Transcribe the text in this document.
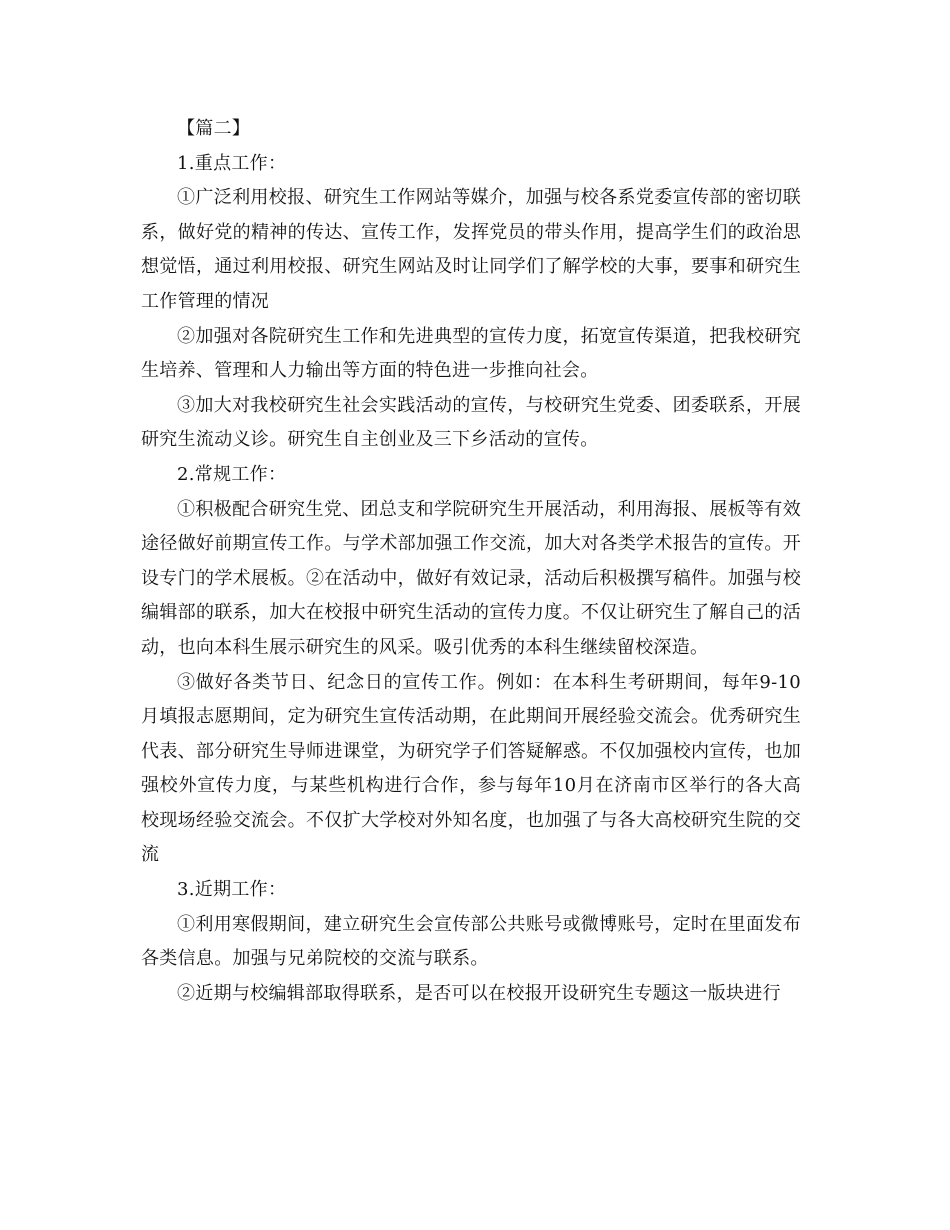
【篇二】

1.重点工作：

①广泛利用校报、研究生工作网站等媒介，加强与校各系党委宣传部的密切联系，做好党的精神的传达、宣传工作，发挥党员的带头作用，提高学生们的政治思想觉悟，通过利用校报、研究生网站及时让同学们了解学校的大事，要事和研究生工作管理的情况

②加强对各院研究生工作和先进典型的宣传力度，拓宽宣传渠道，把我校研究生培养、管理和人力输出等方面的特色进一步推向社会。

③加大对我校研究生社会实践活动的宣传，与校研究生党委、团委联系，开展研究生流动义诊。研究生自主创业及三下乡活动的宣传。

2.常规工作：

①积极配合研究生党、团总支和学院研究生开展活动，利用海报、展板等有效途径做好前期宣传工作。与学术部加强工作交流，加大对各类学术报告的宣传。开设专门的学术展板。②在活动中，做好有效记录，活动后积极撰写稿件。加强与校编辑部的联系，加大在校报中研究生活动的宣传力度。不仅让研究生了解自己的活动，也向本科生展示研究生的风采。吸引优秀的本科生继续留校深造。

③做好各类节日、纪念日的宣传工作。例如：在本科生考研期间，每年9-10月填报志愿期间，定为研究生宣传活动期，在此期间开展经验交流会。优秀研究生代表、部分研究生导师进课堂，为研究学子们答疑解惑。不仅加强校内宣传，也加强校外宣传力度，与某些机构进行合作，参与每年10月在济南市区举行的各大高校现场经验交流会。不仅扩大学校对外知名度，也加强了与各大高校研究生院的交流

3.近期工作：

①利用寒假期间，建立研究生会宣传部公共账号或微博账号，定时在里面发布各类信息。加强与兄弟院校的交流与联系。

②近期与校编辑部取得联系，是否可以在校报开设研究生专题这一版块进行
